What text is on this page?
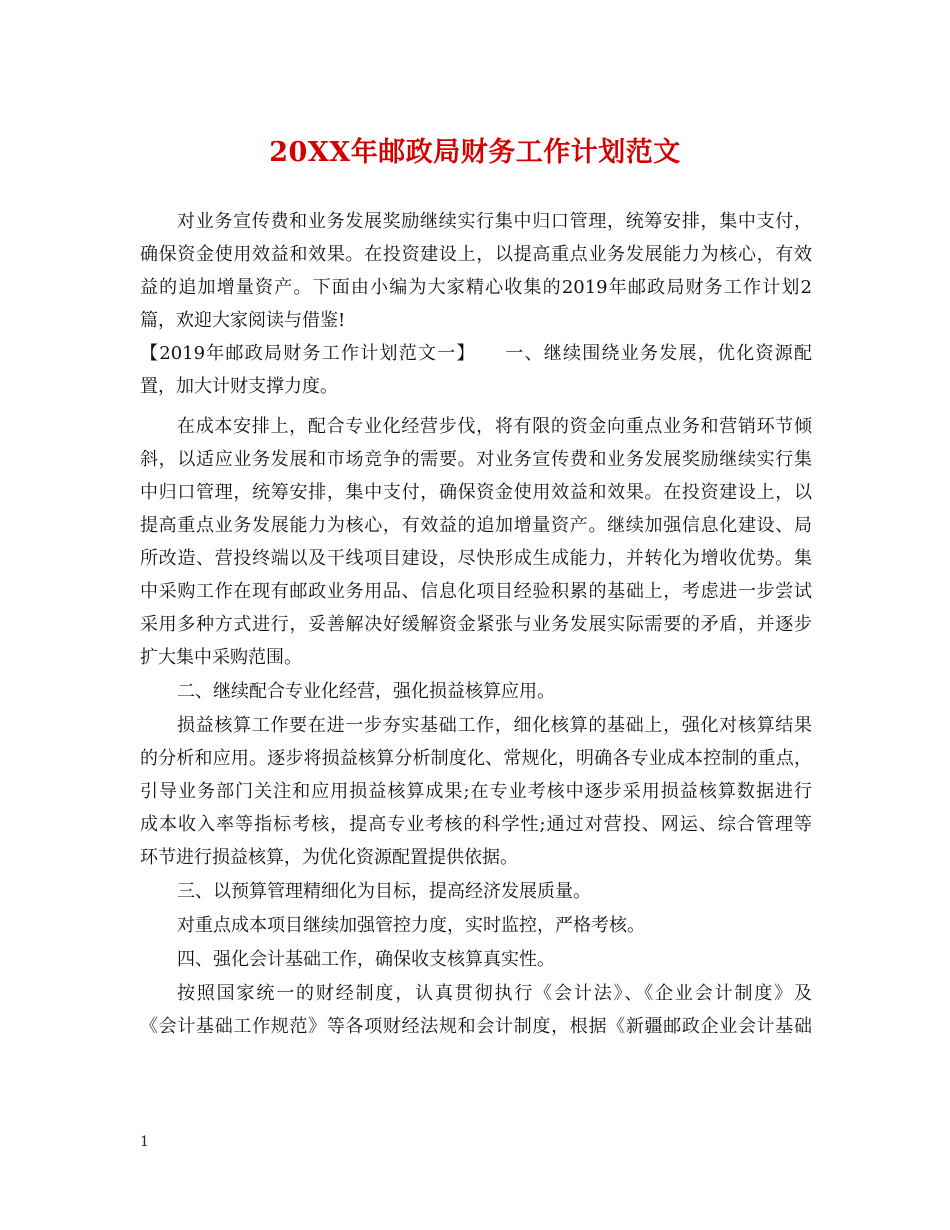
20XX年邮政局财务工作计划范文

对业务宣传费和业务发展奖励继续实行集中归口管理，统筹安排，集中支付，

确保资金使用效益和效果。在投资建设上，以提高重点业务发展能力为核心，有效

益的追加增量资产。下面由小编为大家精心收集的2019年邮政局财务工作计划2

篇，欢迎大家阅读与借鉴!

【2019年邮政局财务工作计划范文一】　　一、继续围绕业务发展，优化资源配

置，加大计财支撑力度。

在成本安排上，配合专业化经营步伐，将有限的资金向重点业务和营销环节倾

斜，以适应业务发展和市场竞争的需要。对业务宣传费和业务发展奖励继续实行集

中归口管理，统筹安排，集中支付，确保资金使用效益和效果。在投资建设上，以

提高重点业务发展能力为核心，有效益的追加增量资产。继续加强信息化建设、局

所改造、营投终端以及干线项目建设，尽快形成生成能力，并转化为增收优势。集

中采购工作在现有邮政业务用品、信息化项目经验积累的基础上，考虑进一步尝试

采用多种方式进行，妥善解决好缓解资金紧张与业务发展实际需要的矛盾，并逐步

扩大集中采购范围。

二、继续配合专业化经营，强化损益核算应用。

损益核算工作要在进一步夯实基础工作，细化核算的基础上，强化对核算结果

的分析和应用。逐步将损益核算分析制度化、常规化，明确各专业成本控制的重点，

引导业务部门关注和应用损益核算成果;在专业考核中逐步采用损益核算数据进行

成本收入率等指标考核，提高专业考核的科学性;通过对营投、网运、综合管理等

环节进行损益核算，为优化资源配置提供依据。

三、以预算管理精细化为目标，提高经济发展质量。

对重点成本项目继续加强管控力度，实时监控，严格考核。

四、强化会计基础工作，确保收支核算真实性。

按照国家统一的财经制度，认真贯彻执行《会计法》、《企业会计制度》及

《会计基础工作规范》等各项财经法规和会计制度，根据《新疆邮政企业会计基础

1
